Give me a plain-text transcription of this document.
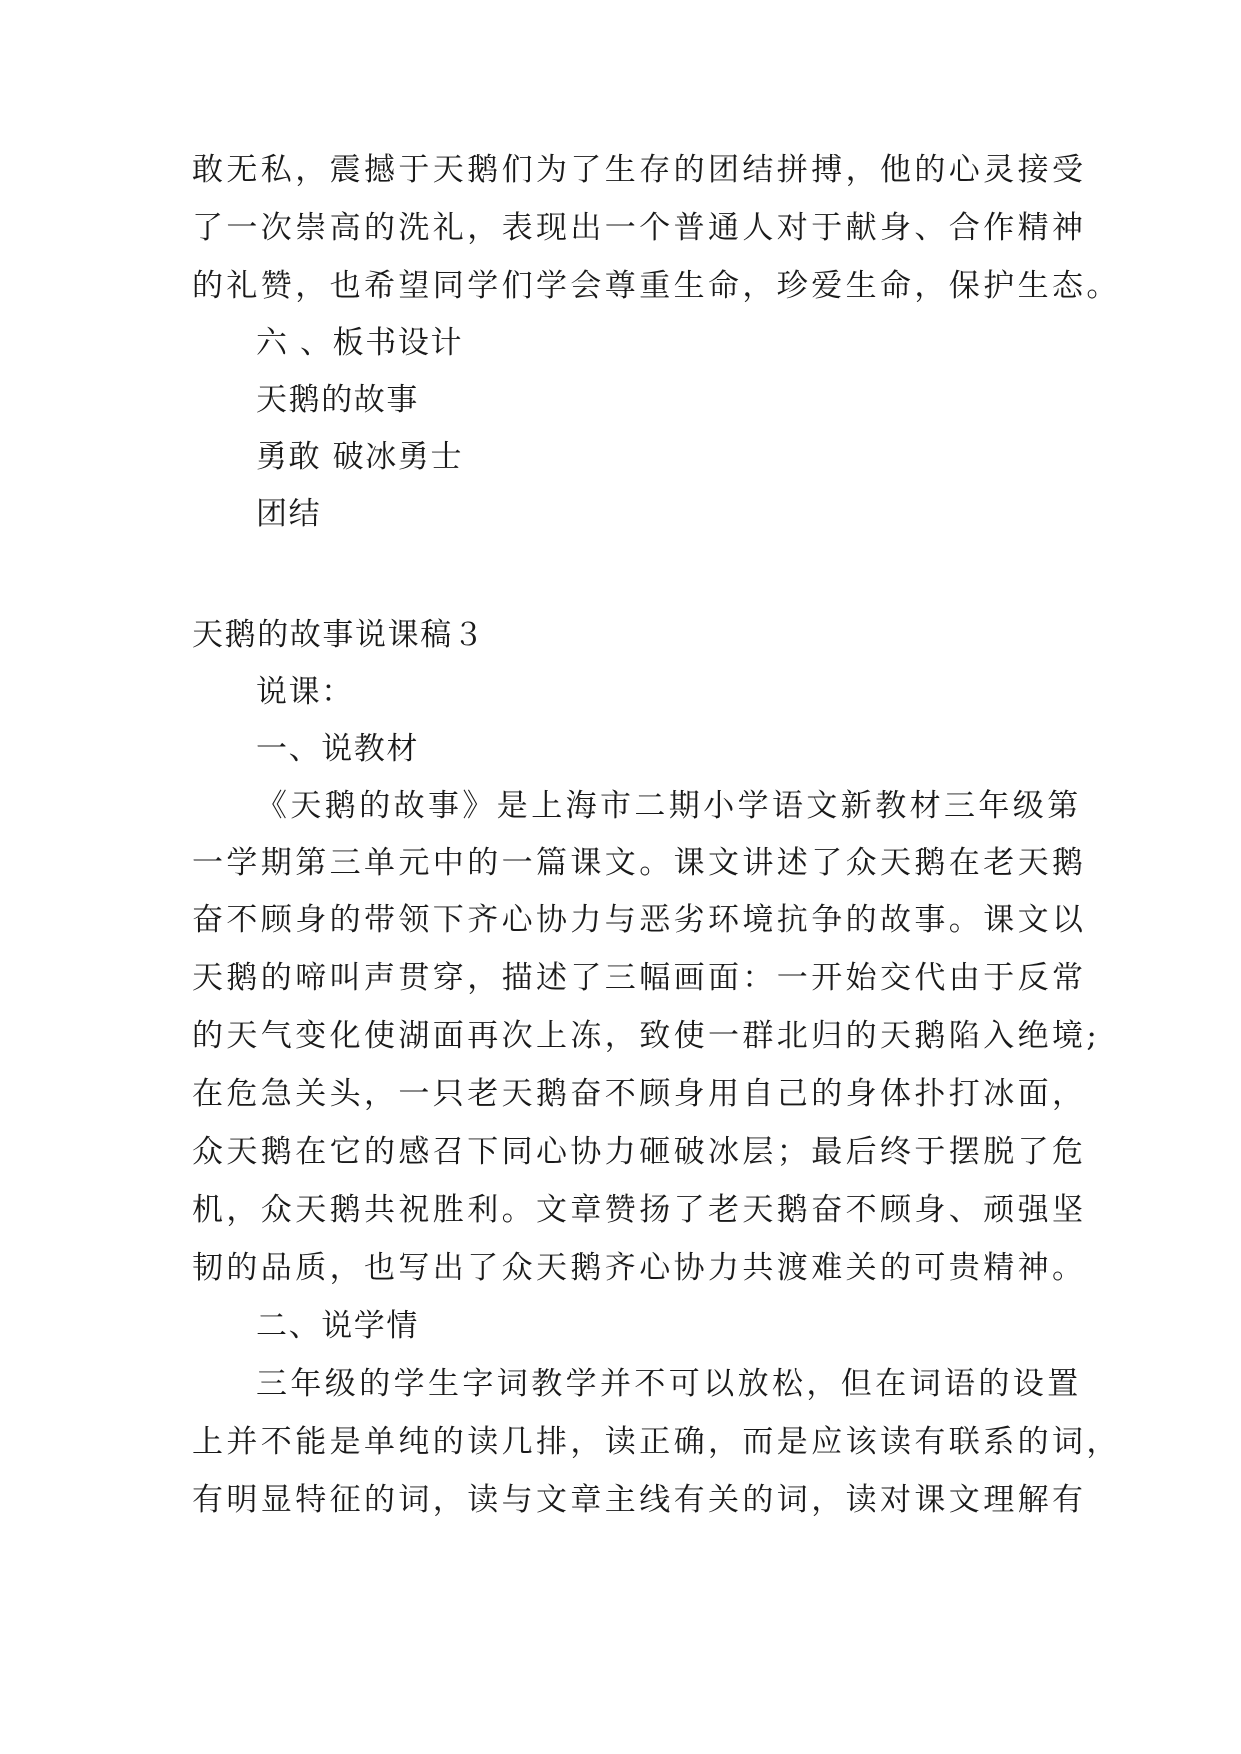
敢无私，震撼于天鹅们为了生存的团结拼搏，他的心灵接受
了一次崇高的洗礼，表现出一个普通人对于献身、合作精神
的礼赞，也希望同学们学会尊重生命，珍爱生命，保护生态。
六 、板书设计
天鹅的故事
勇敢 破冰勇士
团结
天鹅的故事说课稿３
说课：
一、说教材
《天鹅的故事》是上海市二期小学语文新教材三年级第
一学期第三单元中的一篇课文。课文讲述了众天鹅在老天鹅
奋不顾身的带领下齐心协力与恶劣环境抗争的故事。课文以
天鹅的啼叫声贯穿，描述了三幅画面：一开始交代由于反常
的天气变化使湖面再次上冻，致使一群北归的天鹅陷入绝境;
在危急关头，一只老天鹅奋不顾身用自己的身体扑打冰面，
众天鹅在它的感召下同心协力砸破冰层；最后终于摆脱了危
机，众天鹅共祝胜利。文章赞扬了老天鹅奋不顾身、顽强坚
韧的品质，也写出了众天鹅齐心协力共渡难关的可贵精神。
二、说学情
三年级的学生字词教学并不可以放松，但在词语的设置
上并不能是单纯的读几排，读正确，而是应该读有联系的词，
有明显特征的词，读与文章主线有关的词，读对课文理解有
